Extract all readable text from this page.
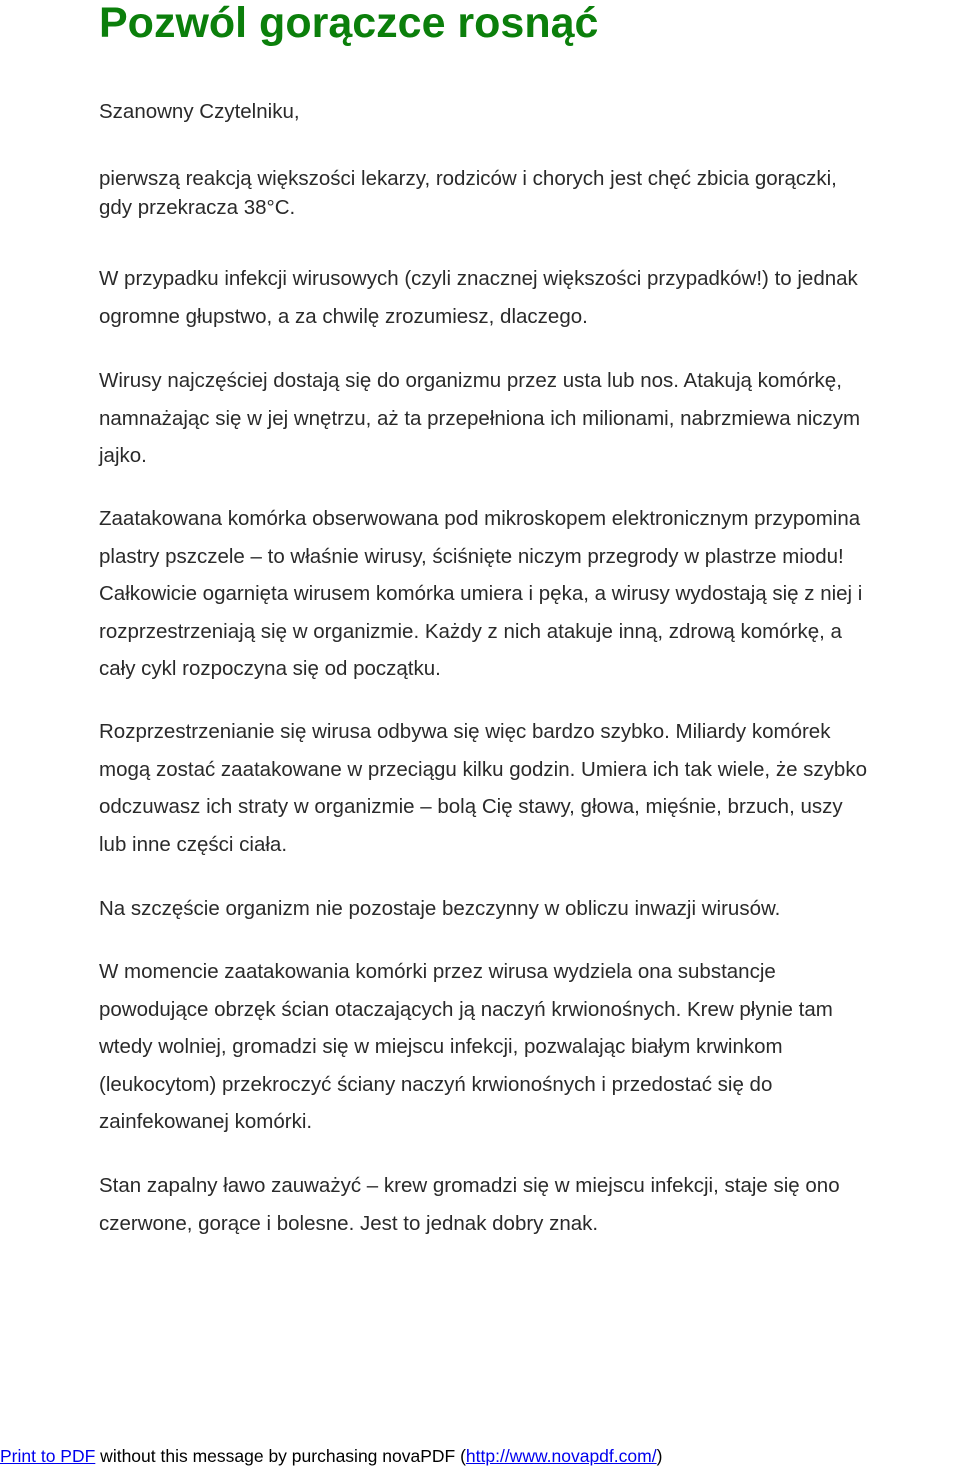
Pozwól gorączce rosnąć

Szanowny Czytelniku,

pierwszą reakcją większości lekarzy, rodziców i chorych jest chęć zbicia gorączki,
gdy przekracza 38°C.

W przypadku infekcji wirusowych (czyli znacznej większości przypadków!) to jednak
ogromne głupstwo, a za chwilę zrozumiesz, dlaczego.

Wirusy najczęściej dostają się do organizmu przez usta lub nos. Atakują komórkę,
namnażając się w jej wnętrzu, aż ta przepełniona ich milionami, nabrzmiewa niczym
jajko.

Zaatakowana komórka obserwowana pod mikroskopem elektronicznym przypomina
plastry pszczele – to właśnie wirusy, ściśnięte niczym przegrody w plastrze miodu!
Całkowicie ogarnięta wirusem komórka umiera i pęka, a wirusy wydostają się z niej i
rozprzestrzeniają się w organizmie. Każdy z nich atakuje inną, zdrową komórkę, a
cały cykl rozpoczyna się od początku.

Rozprzestrzenianie się wirusa odbywa się więc bardzo szybko. Miliardy komórek
mogą zostać zaatakowane w przeciągu kilku godzin. Umiera ich tak wiele, że szybko
odczuwasz ich straty w organizmie – bolą Cię stawy, głowa, mięśnie, brzuch, uszy
lub inne części ciała.

Na szczęście organizm nie pozostaje bezczynny w obliczu inwazji wirusów.

W momencie zaatakowania komórki przez wirusa wydziela ona substancje
powodujące obrzęk ścian otaczających ją naczyń krwionośnych. Krew płynie tam
wtedy wolniej, gromadzi się w miejscu infekcji, pozwalając białym krwinkom
(leukocytom) przekroczyć ściany naczyń krwionośnych i przedostać się do
zainfekowanej komórki.

Stan zapalny ławo zauważyć – krew gromadzi się w miejscu infekcji, staje się ono
czerwone, gorące i bolesne. Jest to jednak dobry znak.

Print to PDF without this message by purchasing novaPDF (http://www.novapdf.com/)
